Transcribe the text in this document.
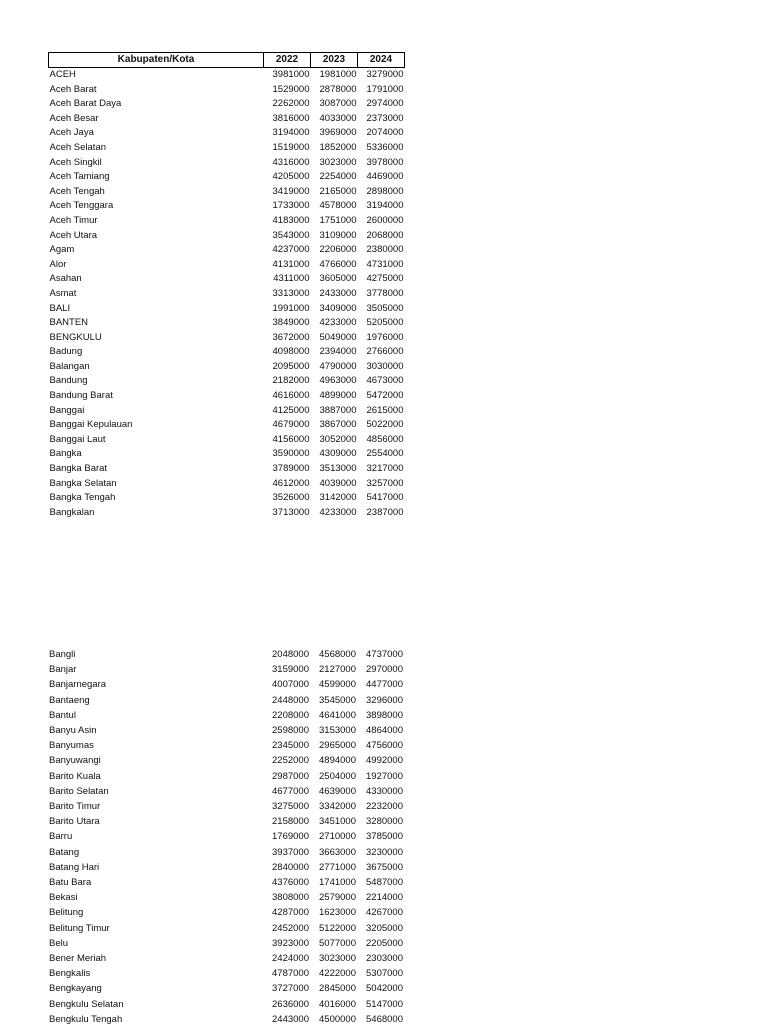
Kabupaten/Kota	2022	2023	2024
ACEH	3981000	1981000	3279000
Aceh Barat	1529000	2878000	1791000
Aceh Barat Daya	2262000	3087000	2974000
Aceh Besar	3816000	4033000	2373000
Aceh Jaya	3194000	3969000	2074000
Aceh Selatan	1519000	1852000	5336000
Aceh Singkil	4316000	3023000	3978000
Aceh Tamiang	4205000	2254000	4469000
Aceh Tengah	3419000	2165000	2898000
Aceh Tenggara	1733000	4578000	3194000
Aceh Timur	4183000	1751000	2600000
Aceh Utara	3543000	3109000	2068000
Agam	4237000	2206000	2380000
Alor	4131000	4766000	4731000
Asahan	4311000	3605000	4275000
Asmat	3313000	2433000	3778000
BALI	1991000	3409000	3505000
BANTEN	3849000	4233000	5205000
BENGKULU	3672000	5049000	1976000
Badung	4098000	2394000	2766000
Balangan	2095000	4790000	3030000
Bandung	2182000	4963000	4673000
Bandung Barat	4616000	4899000	5472000
Banggai	4125000	3887000	2615000
Banggai Kepulauan	4679000	3867000	5022000
Banggai Laut	4156000	3052000	4856000
Bangka	3590000	4309000	2554000
Bangka Barat	3789000	3513000	3217000
Bangka Selatan	4612000	4039000	3257000
Bangka Tengah	3526000	3142000	5417000
Bangkalan	3713000	4233000	2387000
Bangli	2048000	4568000	4737000
Banjar	3159000	2127000	2970000
Banjarnegara	4007000	4599000	4477000
Bantaeng	2448000	3545000	3296000
Bantul	2208000	4641000	3898000
Banyu Asin	2598000	3153000	4864000
Banyumas	2345000	2965000	4756000
Banyuwangi	2252000	4894000	4992000
Barito Kuala	2987000	2504000	1927000
Barito Selatan	4677000	4639000	4330000
Barito Timur	3275000	3342000	2232000
Barito Utara	2158000	3451000	3280000
Barru	1769000	2710000	3785000
Batang	3937000	3663000	3230000
Batang Hari	2840000	2771000	3675000
Batu Bara	4376000	1741000	5487000
Bekasi	3808000	2579000	2214000
Belitung	4287000	1623000	4267000
Belitung Timur	2452000	5122000	3205000
Belu	3923000	5077000	2205000
Bener Meriah	2424000	3023000	2303000
Bengkalis	4787000	4222000	5307000
Bengkayang	3727000	2845000	5042000
Bengkulu Selatan	2636000	4016000	5147000
Bengkulu Tengah	2443000	4500000	5468000
